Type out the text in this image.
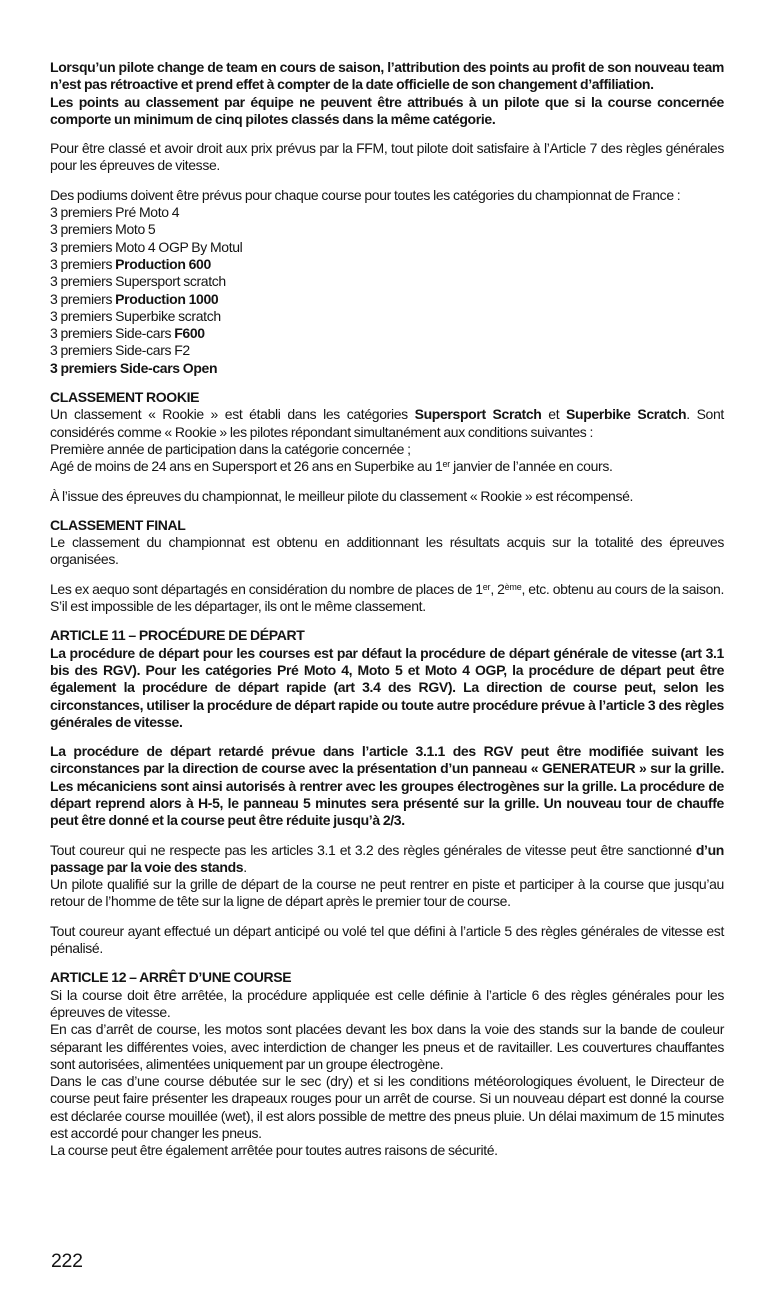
Lorsqu’un pilote change de team en cours de saison, l’attribution des points au profit de son nouveau team n’est pas rétroactive et prend effet à compter de la date officielle de son changement d’affiliation.

Les points au classement par équipe ne peuvent être attribués à un pilote que si la course concernée comporte un minimum de cinq pilotes classés dans la même catégorie.

Pour être classé et avoir droit aux prix prévus par la FFM, tout pilote doit satisfaire à l’Article 7 des règles générales pour les épreuves de vitesse.

Des podiums doivent être prévus pour chaque course pour toutes les catégories du championnat de France :

3 premiers Pré Moto 4

3 premiers Moto 5

3 premiers Moto 4 OGP By Motul

3 premiers Production 600

3 premiers Supersport scratch

3 premiers Production 1000

3 premiers Superbike scratch

3 premiers Side-cars F600

3 premiers Side-cars F2

3 premiers Side-cars Open

CLASSEMENT ROOKIE

Un classement « Rookie » est établi dans les catégories Supersport Scratch et Superbike Scratch. Sont considérés comme « Rookie » les pilotes répondant simultanément aux conditions suivantes :

Première année de participation dans la catégorie concernée ;

Agé de moins de 24 ans en Supersport et 26 ans en Superbike au 1er janvier de l’année en cours.

À l’issue des épreuves du championnat, le meilleur pilote du classement « Rookie » est récompensé.

CLASSEMENT FINAL

Le classement du championnat est obtenu en additionnant les résultats acquis sur la totalité des épreuves organisées.

Les ex aequo sont départagés en considération du nombre de places de 1er, 2ème, etc. obtenu au cours de la saison. S’il est impossible de les départager, ils ont le même classement.

ARTICLE 11 – PROCÉDURE DE DÉPART

La procédure de départ pour les courses est par défaut la procédure de départ générale de vitesse (art 3.1 bis des RGV). Pour les catégories Pré Moto 4, Moto 5 et Moto 4 OGP, la procédure de départ peut être également la procédure de départ rapide (art 3.4 des RGV). La direction de course peut, selon les circonstances, utiliser la procédure de départ rapide ou toute autre procédure prévue à l’article 3 des règles générales de vitesse.

La procédure de départ retardé prévue dans l’article 3.1.1 des RGV peut être modifiée suivant les circonstances par la direction de course avec la présentation d’un panneau « GENERATEUR » sur la grille. Les mécaniciens sont ainsi autorisés à rentrer avec les groupes électrogènes sur la grille. La procédure de départ reprend alors à H-5, le panneau 5 minutes sera présenté sur la grille. Un nouveau tour de chauffe peut être donné et la course peut être réduite jusqu’à 2/3.

Tout coureur qui ne respecte pas les articles 3.1 et 3.2 des règles générales de vitesse peut être sanctionné d’un passage par la voie des stands.

Un pilote qualifié sur la grille de départ de la course ne peut rentrer en piste et participer à la course que jusqu’au retour de l’homme de tête sur la ligne de départ après le premier tour de course.

Tout coureur ayant effectué un départ anticipé ou volé tel que défini à l’article 5 des règles générales de vitesse est pénalisé.

ARTICLE 12 – ARRÊT D’UNE COURSE

Si la course doit être arrêtée, la procédure appliquée est celle définie à l’article 6 des règles générales pour les épreuves de vitesse.

En cas d’arrêt de course, les motos sont placées devant les box dans la voie des stands sur la bande de couleur séparant les différentes voies, avec interdiction de changer les pneus et de ravitailler. Les couvertures chauffantes sont autorisées, alimentées uniquement par un groupe électrogène.

Dans le cas d’une course débutée sur le sec (dry) et si les conditions météorologiques évoluent, le Directeur de course peut faire présenter les drapeaux rouges pour un arrêt de course. Si un nouveau départ est donné la course est déclarée course mouillée (wet), il est alors possible de mettre des pneus pluie. Un délai maximum de 15 minutes est accordé pour changer les pneus.

La course peut être également arrêtée pour toutes autres raisons de sécurité.

222
